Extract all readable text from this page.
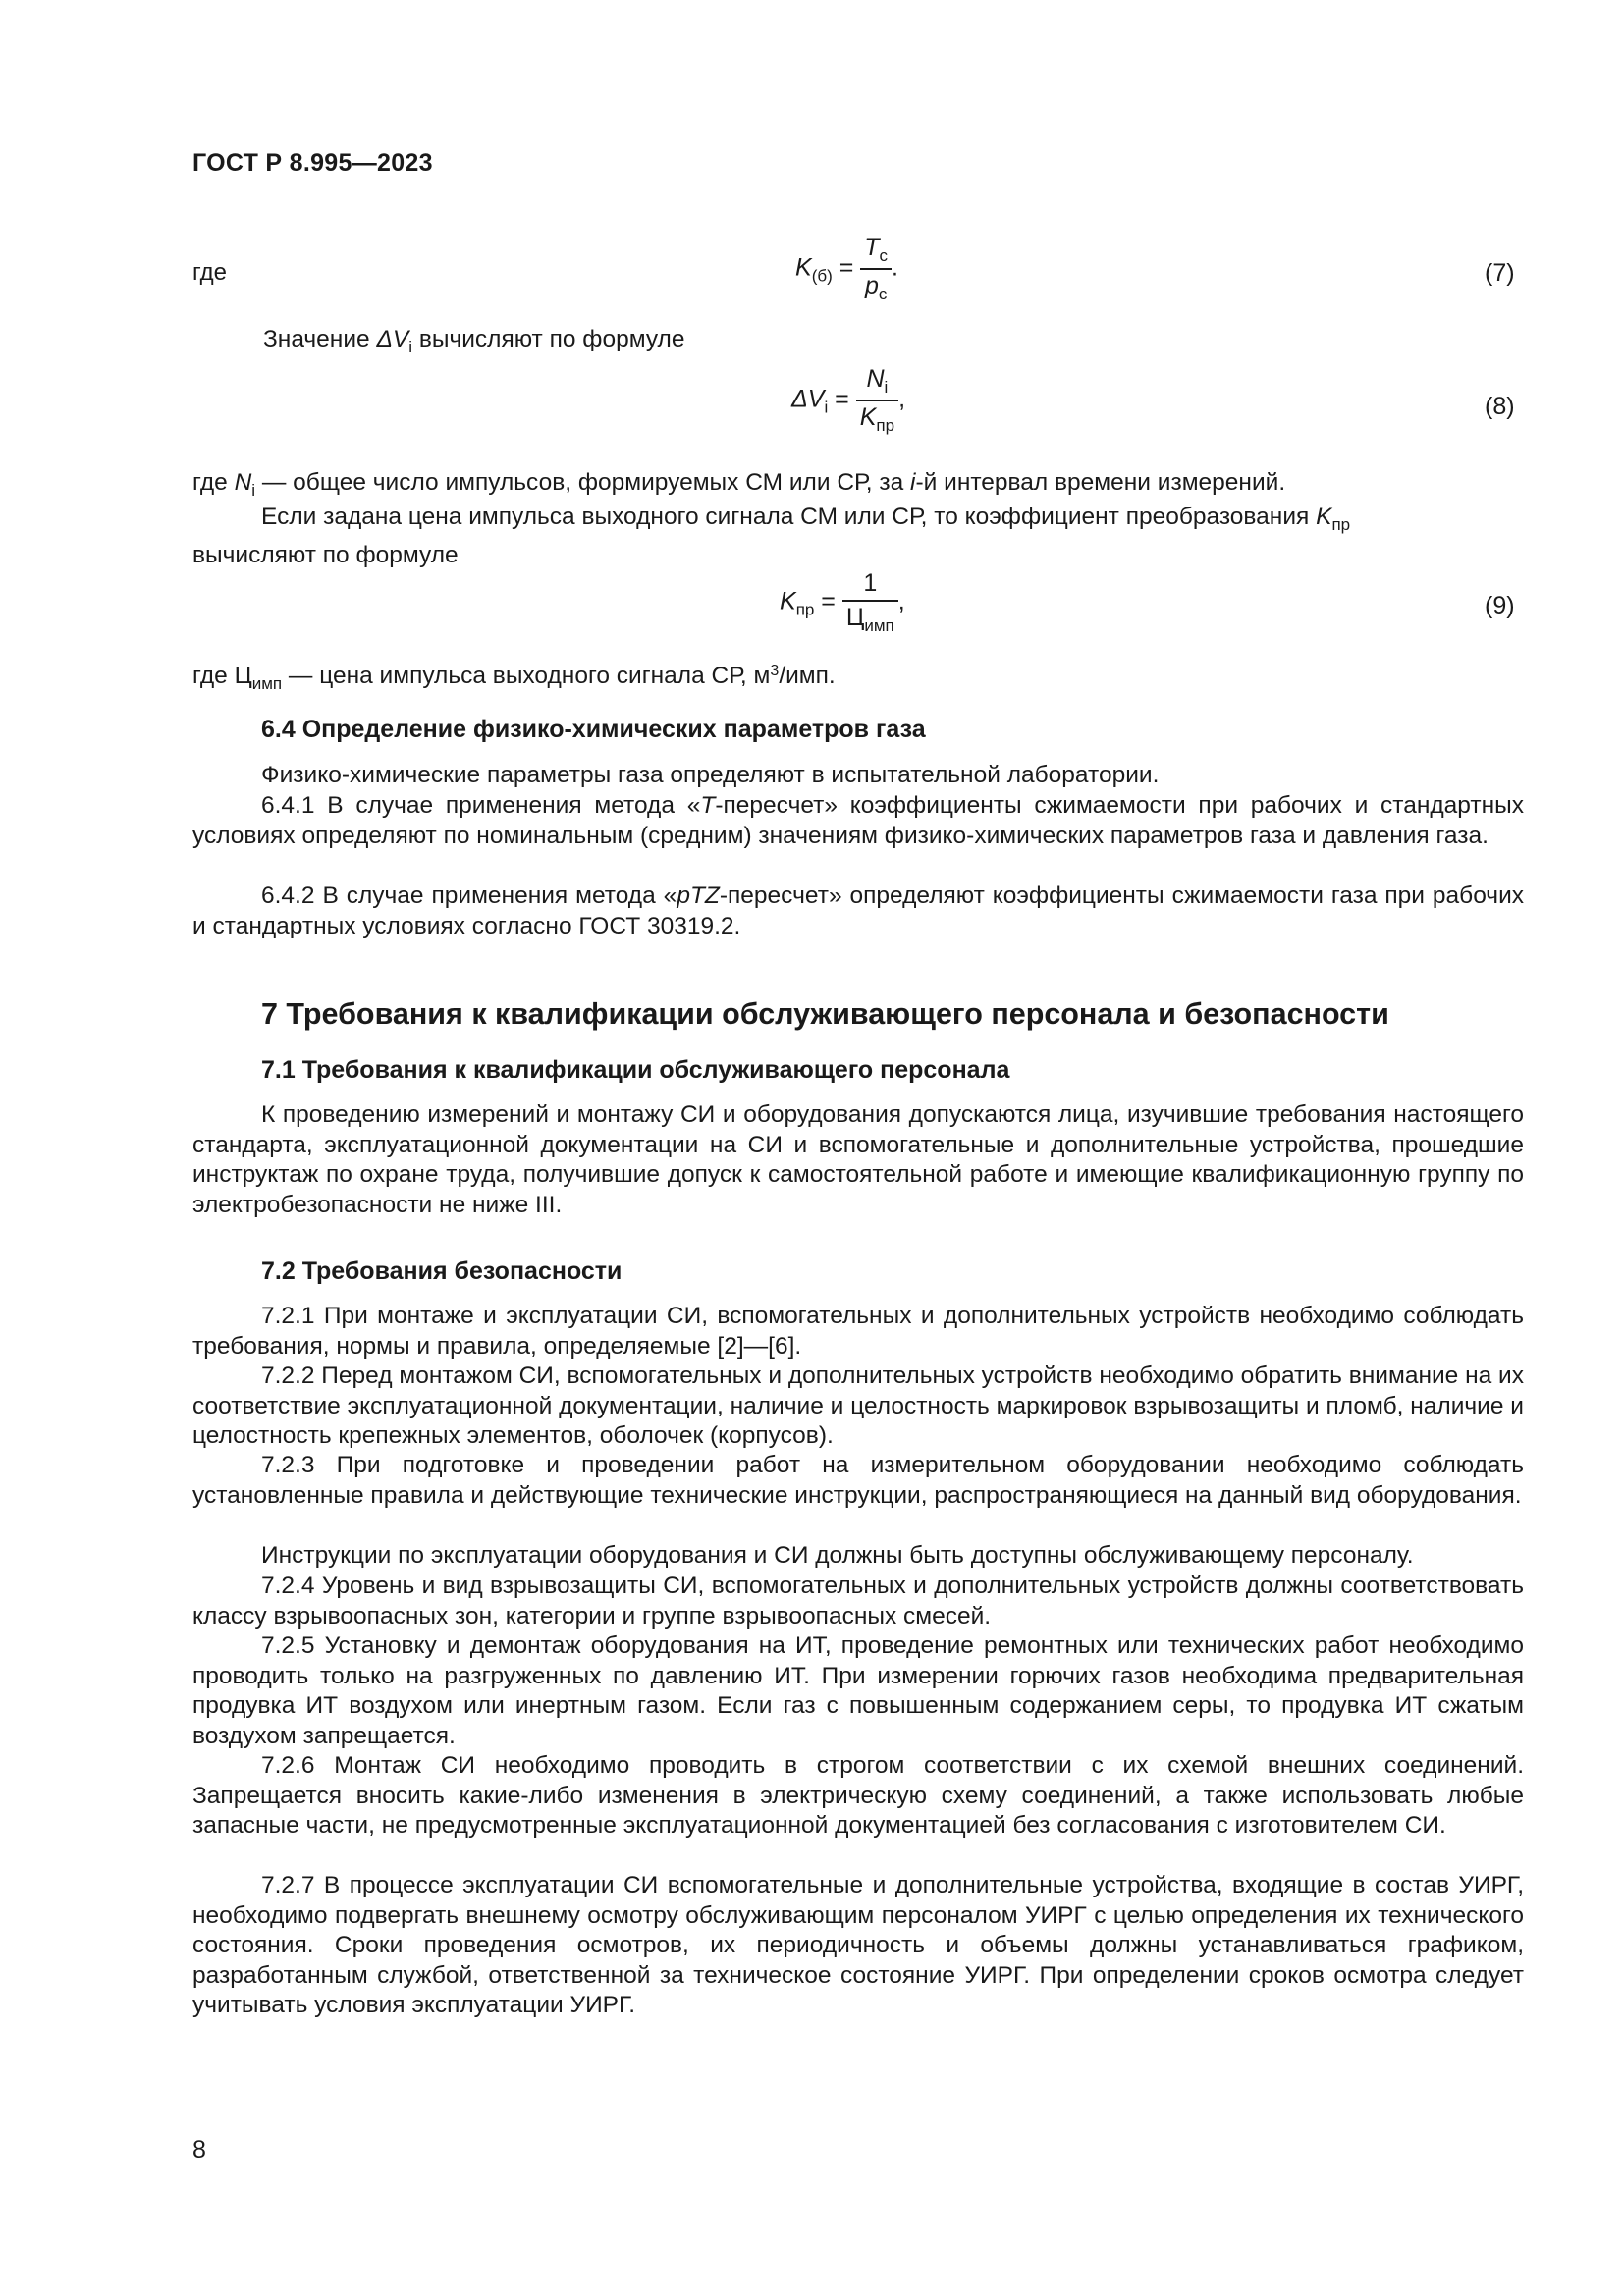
ГОСТ Р 8.995—2023
где	$K_{(б)} = \frac{T_с}{p_с}$ .	(7)
Значение $\Delta V_i$ вычисляют по формуле
$\Delta V_i = \frac{N_i}{K_{пр}}$ ,	(8)
где $N_i$ — общее число импульсов, формируемых СМ или СР, за i-й интервал времени измерений.

Если задана цена импульса выходного сигнала СМ или СР, то коэффициент преобразования $K_{пр}$
вычисляют по формуле

$K_{пр} = \frac{1}{Ц_{имп}}$ ,	(9)
где $Ц_{имп}$ — цена импульса выходного сигнала СР, $м^3$/имп.
6.4 Определение физико-химических параметров газа

Физико-химические параметры газа определяют в испытательной лаборатории.

6.4.1 В случае применения метода «T-пересчет» коэффициенты сжимаемости при рабочих и стандартных условиях определяют по номинальным (средним) значениям физико-химических параметров газа и давления газа.

6.4.2 В случае применения метода «pTZ-пересчет» определяют коэффициенты сжимаемости газа при рабочих и стандартных условиях согласно ГОСТ 30319.2.

7 Требования к квалификации обслуживающего персонала и безопасности
7.1 Требования к квалификации обслуживающего персонала

К проведению измерений и монтажу СИ и оборудования допускаются лица, изучившие требования настоящего стандарта, эксплуатационной документации на СИ и вспомогательные и дополнительные устройства, прошедшие инструктаж по охране труда, получившие допуск к самостоятельной работе и имеющие квалификационную группу по электробезопасности не ниже III.

7.2 Требования безопасности

7.2.1 При монтаже и эксплуатации СИ, вспомогательных и дополнительных устройств необходимо соблюдать требования, нормы и правила, определяемые [2]—[6].

7.2.2 Перед монтажом СИ, вспомогательных и дополнительных устройств необходимо обратить внимание на их соответствие эксплуатационной документации, наличие и целостность маркировок взрывозащиты и пломб, наличие и целостность крепежных элементов, оболочек (корпусов).

7.2.3 При подготовке и проведении работ на измерительном оборудовании необходимо соблюдать установленные правила и действующие технические инструкции, распространяющиеся на данный вид оборудования.

Инструкции по эксплуатации оборудования и СИ должны быть доступны обслуживающему персоналу.

7.2.4 Уровень и вид взрывозащиты СИ, вспомогательных и дополнительных устройств должны соответствовать классу взрывоопасных зон, категории и группе взрывоопасных смесей.

7.2.5 Установку и демонтаж оборудования на ИТ, проведение ремонтных или технических работ необходимо проводить только на разгруженных по давлению ИТ. При измерении горючих газов необходима предварительная продувка ИТ воздухом или инертным газом. Если газ с повышенным содержанием серы, то продувка ИТ сжатым воздухом запрещается.

7.2.6 Монтаж СИ необходимо проводить в строгом соответствии с их схемой внешних соединений. Запрещается вносить какие-либо изменения в электрическую схему соединений, а также использовать любые запасные части, не предусмотренные эксплуатационной документацией без согласования с изготовителем СИ.

7.2.7 В процессе эксплуатации СИ вспомогательные и дополнительные устройства, входящие в состав УИРГ, необходимо подвергать внешнему осмотру обслуживающим персоналом УИРГ с целью определения их технического состояния. Сроки проведения осмотров, их периодичность и объемы должны устанавливаться графиком, разработанным службой, ответственной за техническое состояние УИРГ. При определении сроков осмотра следует учитывать условия эксплуатации УИРГ.

8
